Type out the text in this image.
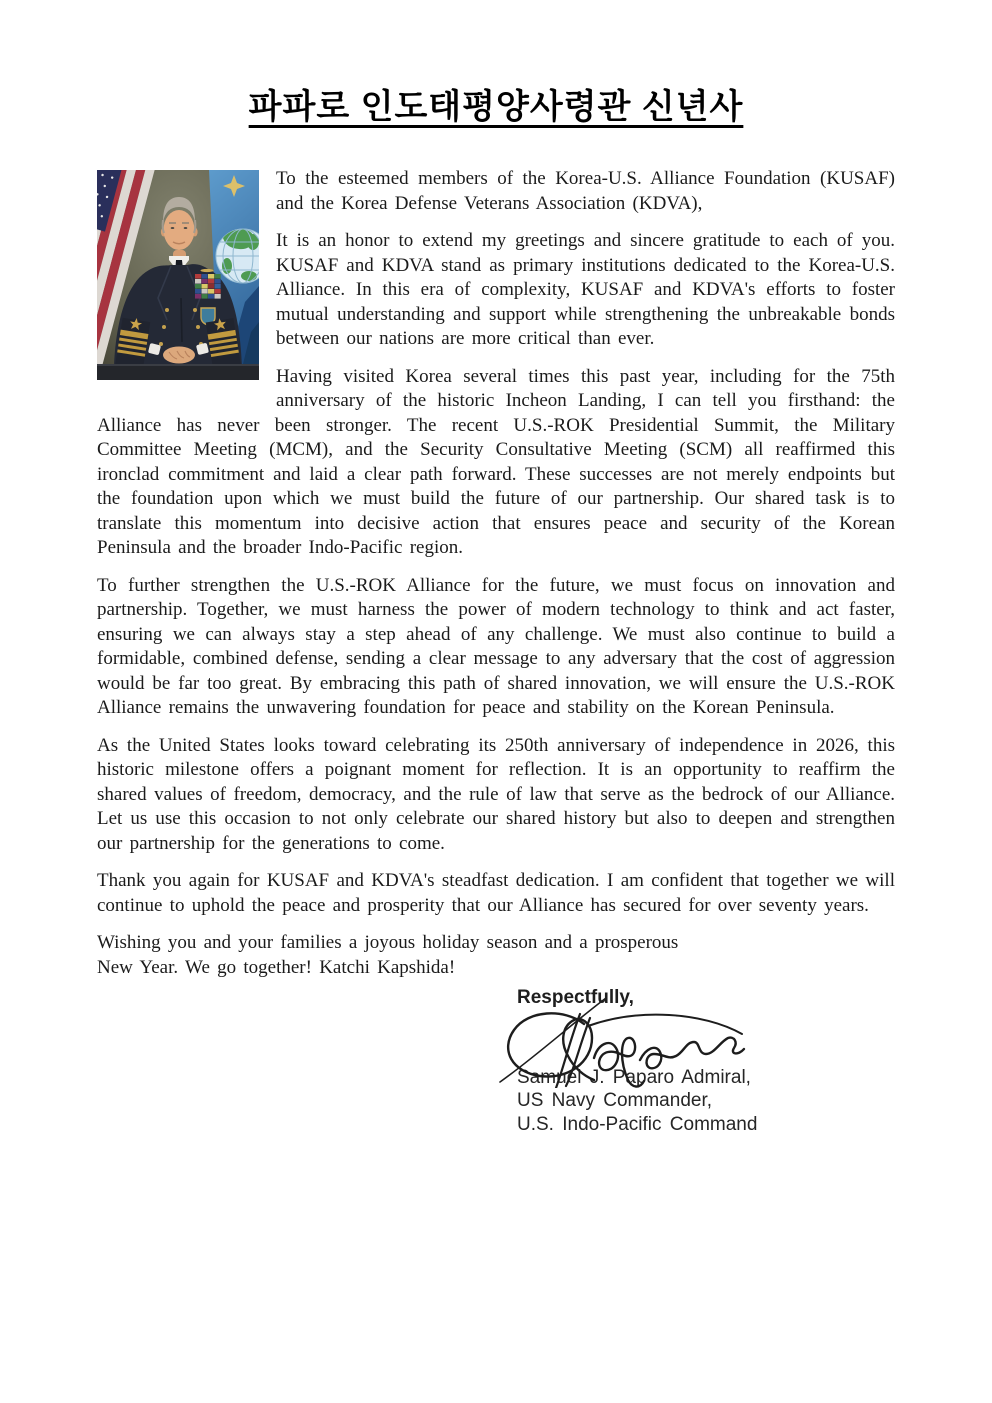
파파로 인도태평양사령관 신년사

To the esteemed members of the Korea-U.S. Alliance Foundation (KUSAF) and the Korea Defense Veterans Association (KDVA),

It is an honor to extend my greetings and sincere gratitude to each of you. KUSAF and KDVA stand as primary institutions dedicated to the Korea-U.S. Alliance. In this era of complexity, KUSAF and KDVA's efforts to foster mutual understanding and support while strengthening the unbreakable bonds between our nations are more critical than ever.

Having visited Korea several times this past year, including for the 75th anniversary of the historic Incheon Landing, I can tell you firsthand: the Alliance has never been stronger. The recent U.S.-ROK Presidential Summit, the Military Committee Meeting (MCM), and the Security Consultative Meeting (SCM) all reaffirmed this ironclad commitment and laid a clear path forward. These successes are not merely endpoints but the foundation upon which we must build the future of our partnership. Our shared task is to translate this momentum into decisive action that ensures peace and security of the Korean Peninsula and the broader Indo-Pacific region.

To further strengthen the U.S.-ROK Alliance for the future, we must focus on innovation and partnership. Together, we must harness the power of modern technology to think and act faster, ensuring we can always stay a step ahead of any challenge. We must also continue to build a formidable, combined defense, sending a clear message to any adversary that the cost of aggression would be far too great. By embracing this path of shared innovation, we will ensure the U.S.-ROK Alliance remains the unwavering foundation for peace and stability on the Korean Peninsula.

As the United States looks toward celebrating its 250th anniversary of independence in 2026, this historic milestone offers a poignant moment for reflection. It is an opportunity to reaffirm the shared values of freedom, democracy, and the rule of law that serve as the bedrock of our Alliance. Let us use this occasion to not only celebrate our shared history but also to deepen and strengthen our partnership for the generations to come.

Thank you again for KUSAF and KDVA's steadfast dedication. I am confident that together we will continue to uphold the peace and prosperity that our Alliance has secured for over seventy years.

Wishing you and your families a joyous holiday season and a prosperous
New Year. We go together! Katchi Kapshida!

Respectfully,
Samuel J. Paparo Admiral,
US Navy Commander,
U.S. Indo-Pacific Command
